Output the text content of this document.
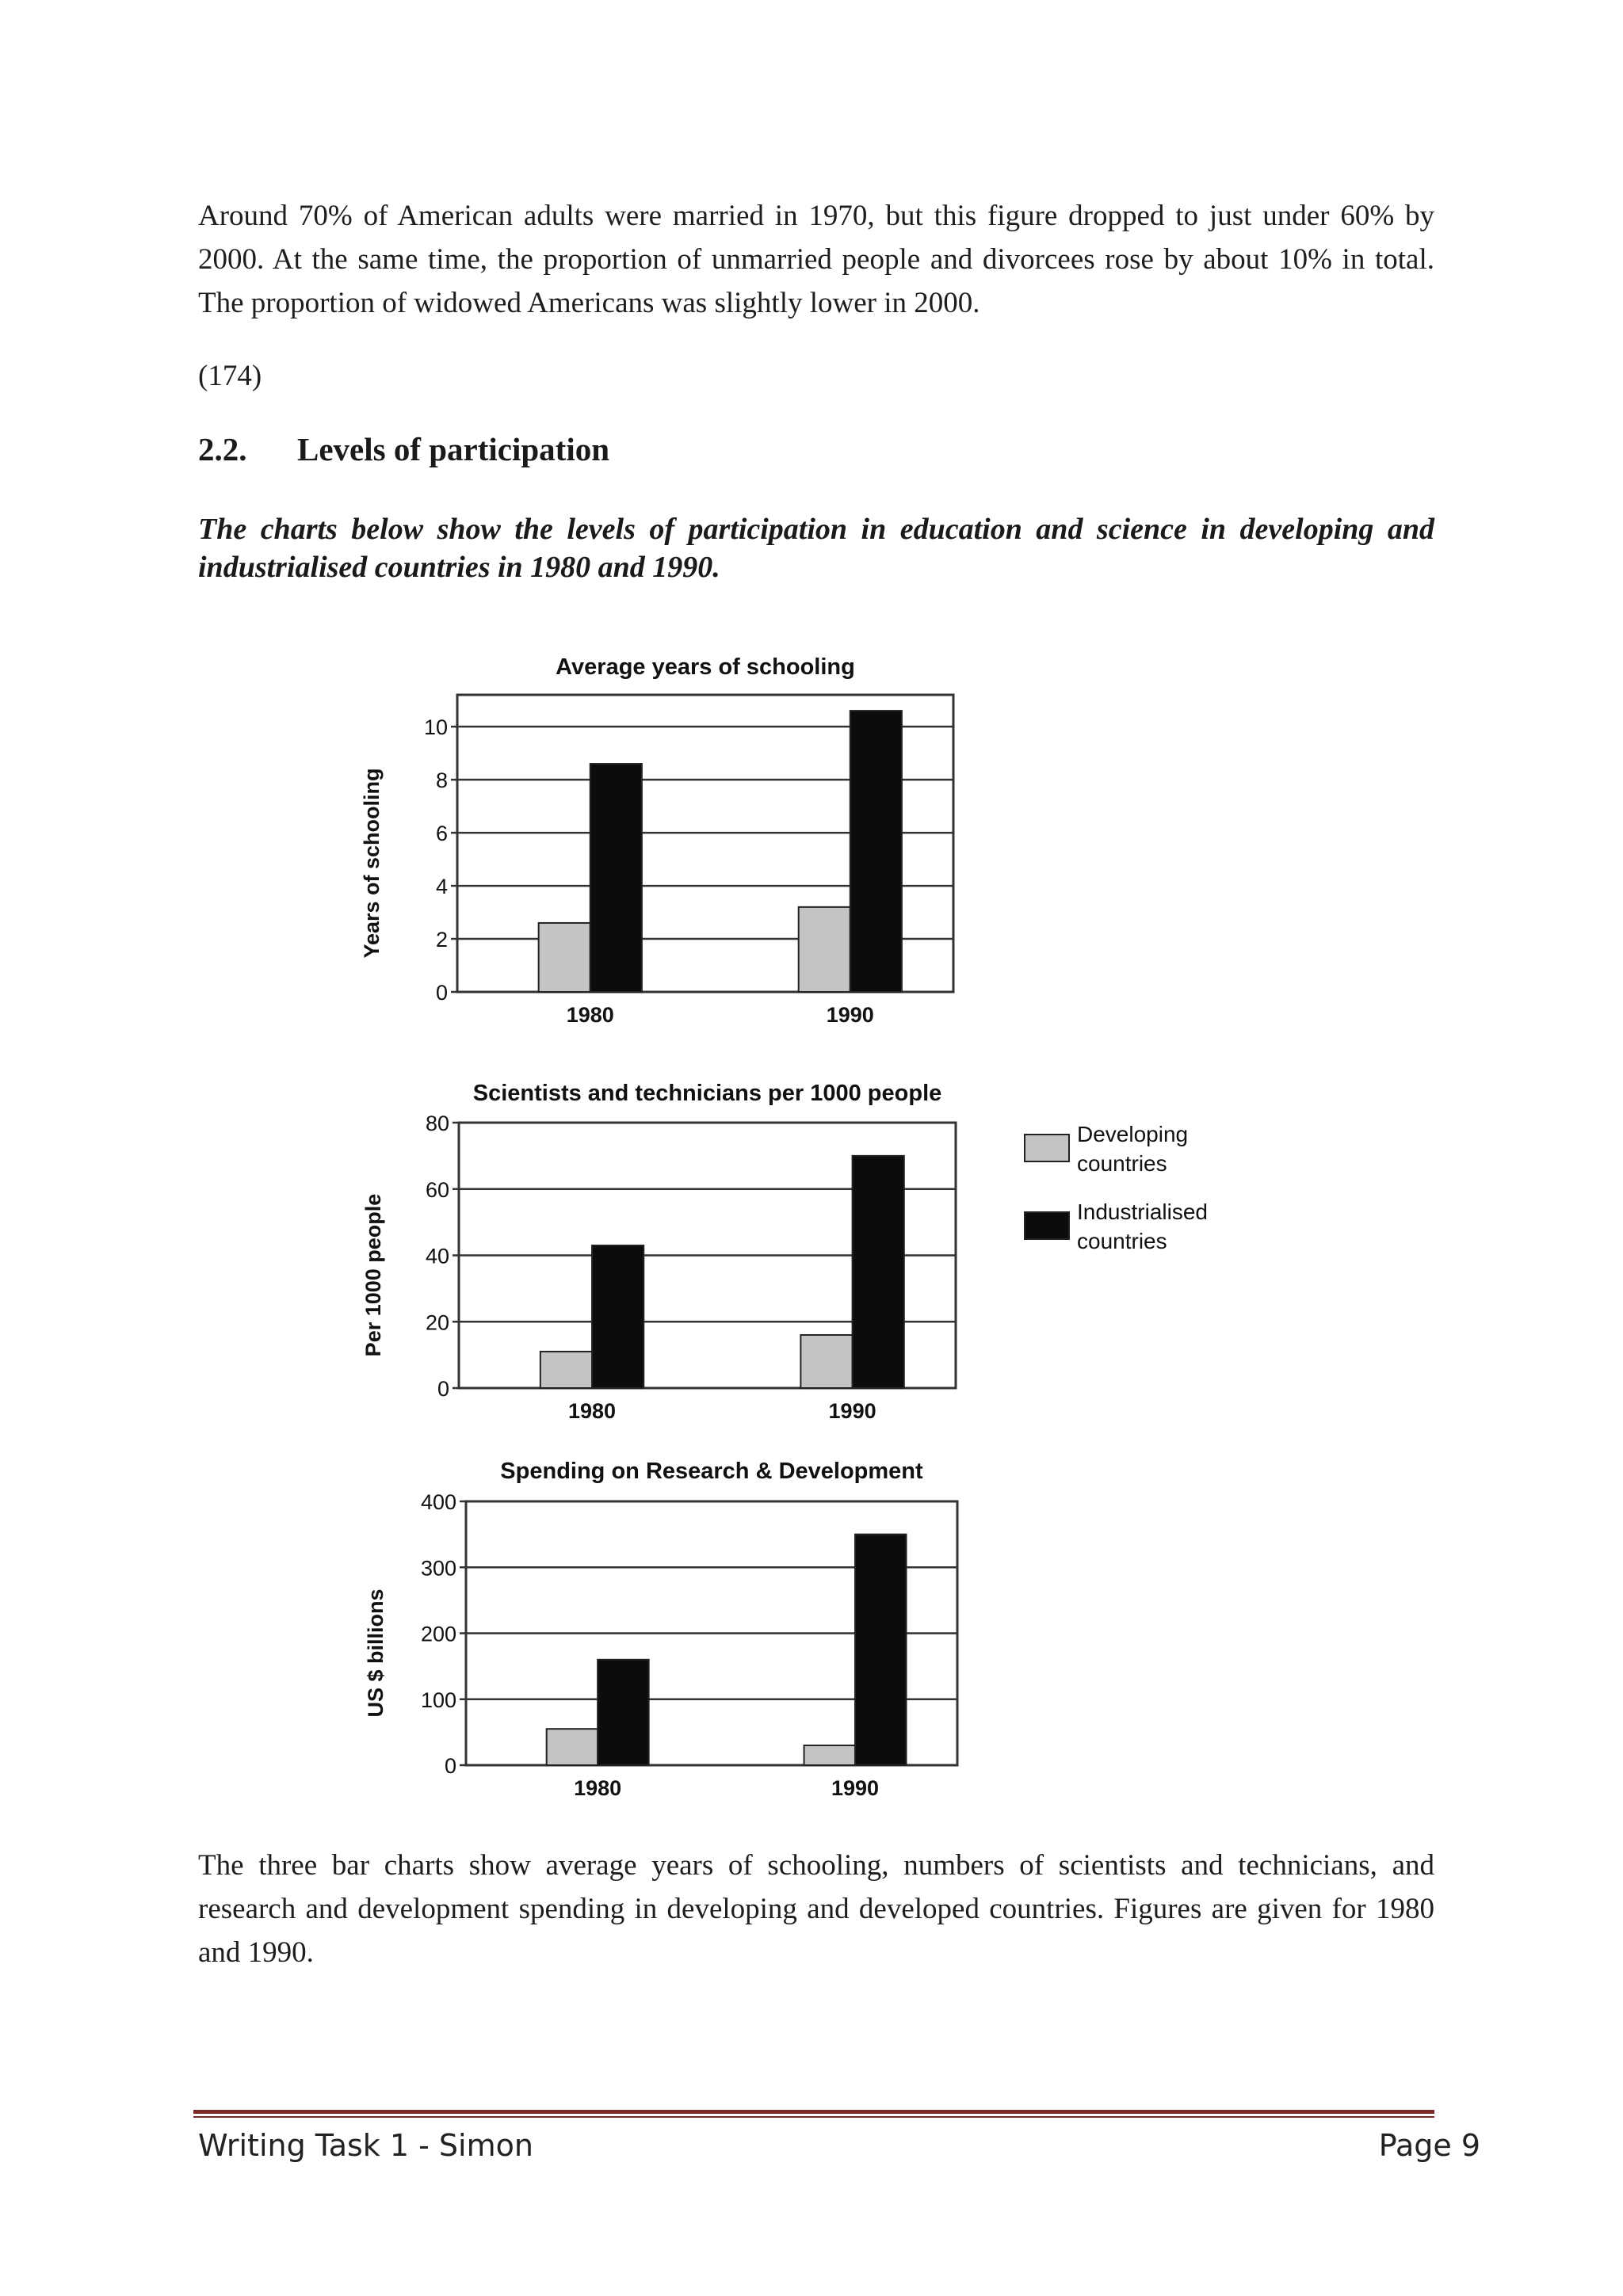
Around 70% of American adults were married in 1970, but this figure dropped to just under 60% by 2000. At the same time, the proportion of unmarried people and divorcees rose by about 10% in total. The proportion of widowed Americans was slightly lower in 2000.

(174)

2.2. Levels of participation

The charts below show the levels of participation in education and science in developing and industrialised countries in 1980 and 1990.

Average years of schooling
0
2
4
6
8
10
Years of schooling
1980	1990
Scientists and technicians per 1000 people
0
20
40
60
80
Per 1000 people
1980	1990
Spending on Research & Development
0
100
200
300
400
US $ billions
1980	1990
Developing
countries
Industrialised
countries

The three bar charts show average years of schooling, numbers of scientists and technicians, and research and development spending in developing and developed countries. Figures are given for 1980 and 1990.

Writing Task 1 - Simon	Page 9
